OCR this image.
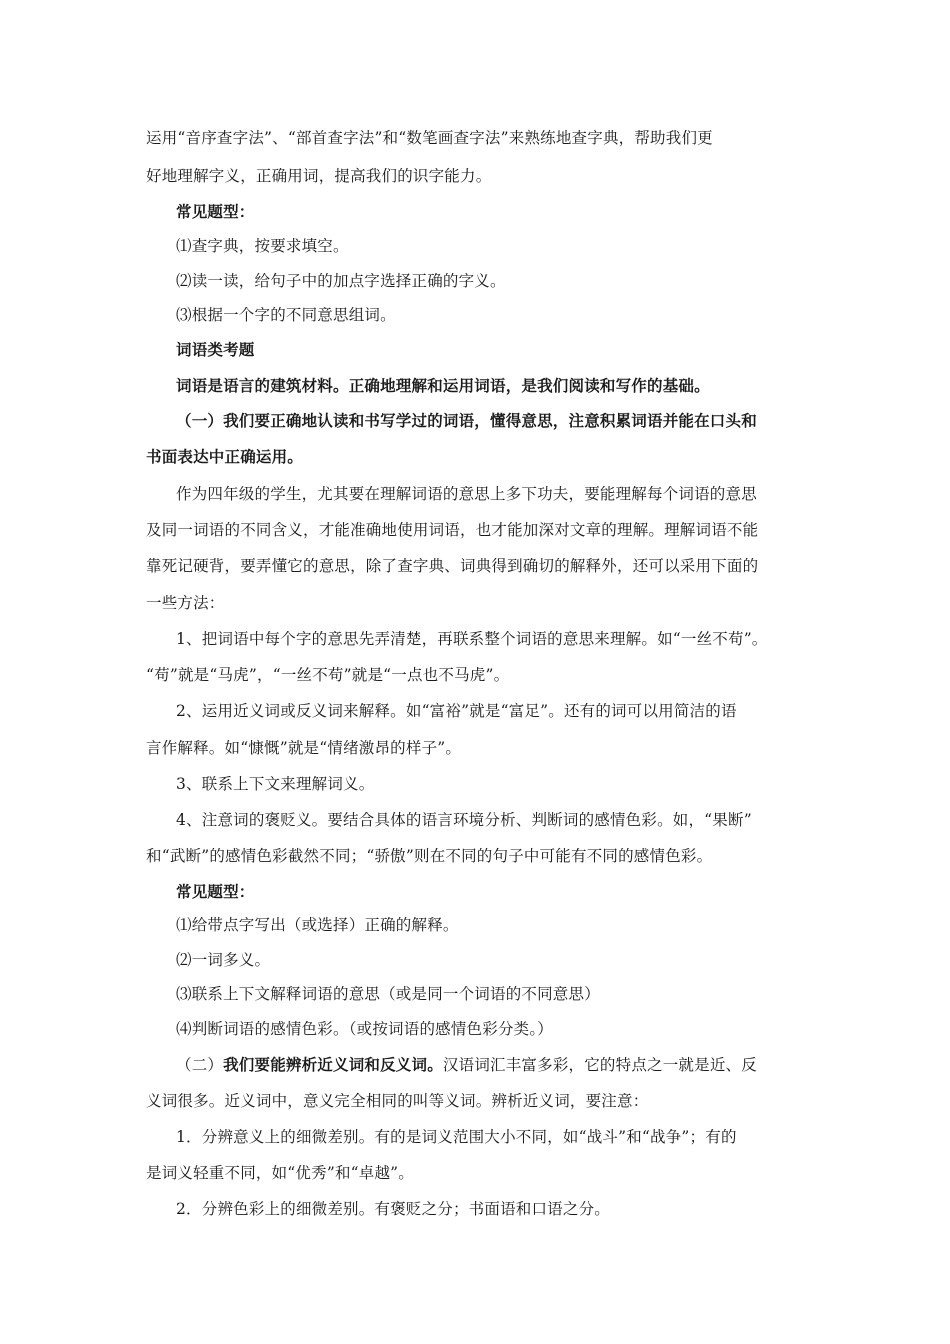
运用“音序查字法”、“部首查字法”和“数笔画查字法”来熟练地查字典，帮助我们更
好地理解字义，正确用词，提高我们的识字能力。
常见题型：
⑴查字典，按要求填空。
⑵读一读，给句子中的加点字选择正确的字义。
⑶根据一个字的不同意思组词。
词语类考题
词语是语言的建筑材料。正确地理解和运用词语，是我们阅读和写作的基础。
（一）我们要正确地认读和书写学过的词语，懂得意思，注意积累词语并能在口头和
书面表达中正确运用。
作为四年级的学生，尤其要在理解词语的意思上多下功夫，要能理解每个词语的意思
及同一词语的不同含义，才能准确地使用词语，也才能加深对文章的理解。理解词语不能
靠死记硬背，要弄懂它的意思，除了查字典、词典得到确切的解释外，还可以采用下面的
一些方法：
1、把词语中每个字的意思先弄清楚，再联系整个词语的意思来理解。如“一丝不苟”。
“苟”就是“马虎”，“一丝不苟”就是“一点也不马虎”。
2、运用近义词或反义词来解释。如“富裕”就是“富足”。还有的词可以用简洁的语
言作解释。如“慷慨”就是“情绪激昂的样子”。
3、联系上下文来理解词义。
4、注意词的褒贬义。要结合具体的语言环境分析、判断词的感情色彩。如，“果断”
和“武断”的感情色彩截然不同；“骄傲”则在不同的句子中可能有不同的感情色彩。
常见题型：
⑴给带点字写出（或选择）正确的解释。
⑵一词多义。
⑶联系上下文解释词语的意思（或是同一个词语的不同意思）
⑷判断词语的感情色彩。（或按词语的感情色彩分类。）
（二）我们要能辨析近义词和反义词。汉语词汇丰富多彩，它的特点之一就是近、反
义词很多。近义词中，意义完全相同的叫等义词。辨析近义词，要注意：
1．分辨意义上的细微差别。有的是词义范围大小不同，如“战斗”和“战争”；有的
是词义轻重不同，如“优秀”和“卓越”。
2．分辨色彩上的细微差别。有褒贬之分；书面语和口语之分。
